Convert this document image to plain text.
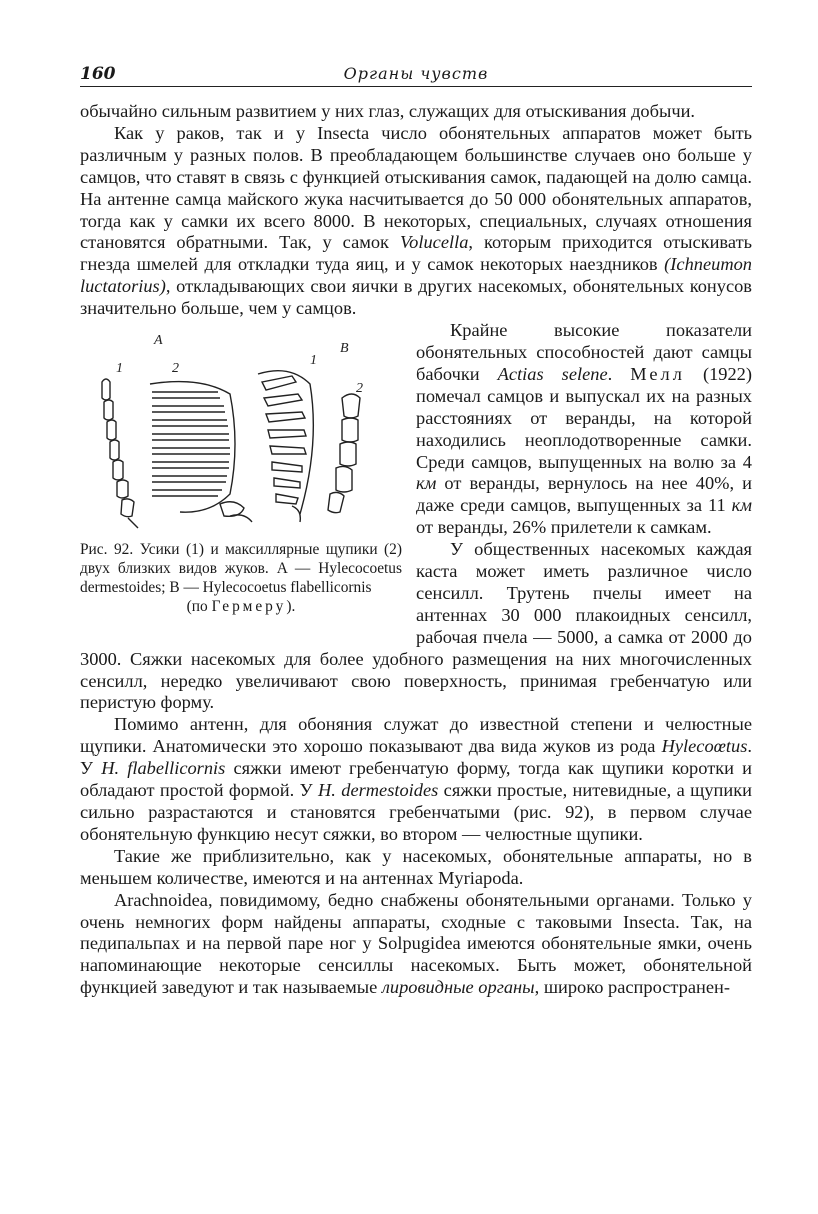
160	Органы чувств

обычайно сильным развитием у них глаз, служащих для отыскивания добычи.

Как у раков, так и у Insecta число обонятельных аппаратов может быть различным у разных полов. В преобладающем большинстве случаев оно больше у самцов, что ставят в связь с функцией отыскивания самок, падающей на долю самца. На антенне самца майского жука насчитывается до 50 000 обонятельных аппаратов, тогда как у самки их всего 8000. В некоторых, специальных, случаях отношения становятся обратными. Так, у самок Volucella, которым приходится отыскивать гнезда шмелей для откладки туда яиц, и у самок некоторых наездников (Ichneumon luctatorius), откладывающих свои яички в других насекомых, обонятельных конусов значительно больше, чем у самцов.

A
1	2
1
B
2
Рис. 92. Усики (1) и максиллярные щупики (2) двух близких видов жуков. A — Hylecocoetus dermestoides; B — Hylecocoetus flabellicornis
(по Гермеру).

Крайне высокие показатели обонятельных способностей дают самцы бабочки Actias selene. Мелл (1922) помечал самцов и выпускал их на разных расстояниях от веранды, на которой находились неоплодотворенные самки. Среди самцов, выпущенных на волю за 4 км от веранды, вернулось на нее 40%, и даже среди самцов, выпущенных за 11 км от веранды, 26% прилетели к самкам.

У общественных насекомых каждая каста может иметь различное число сенсилл. Трутень пчелы имеет на антеннах 30 000 плакоидных сенсилл, рабочая пчела — 5000, а самка от 2000 до 3000. Сяжки насекомых для более удобного размещения на них многочисленных сенсилл, нередко увеличивают свою поверхность, принимая гребенчатую или перистую форму.

Помимо антенн, для обоняния служат до известной степени и челюстные щупики. Анатомически это хорошо показывают два вида жуков из рода Hylecoœtus. У H. flabellicornis сяжки имеют гребенчатую форму, тогда как щупики коротки и обладают простой формой. У H. dermestoides сяжки простые, нитевидные, а щупики сильно разрастаются и становятся гребенчатыми (рис. 92), в первом случае обонятельную функцию несут сяжки, во втором — челюстные щупики.

Такие же приблизительно, как у насекомых, обонятельные аппараты, но в меньшем количестве, имеются и на антеннах Myriapoda.

Arachnoidea, повидимому, бедно снабжены обонятельными органами. Только у очень немногих форм найдены аппараты, сходные с таковыми Insecta. Так, на педипальпах и на первой паре ног у Solpugidea имеются обонятельные ямки, очень напоминающие некоторые сенсиллы насекомых. Быть может, обонятельной функцией заведуют и так называемые лировидные органы, широко распространен-
